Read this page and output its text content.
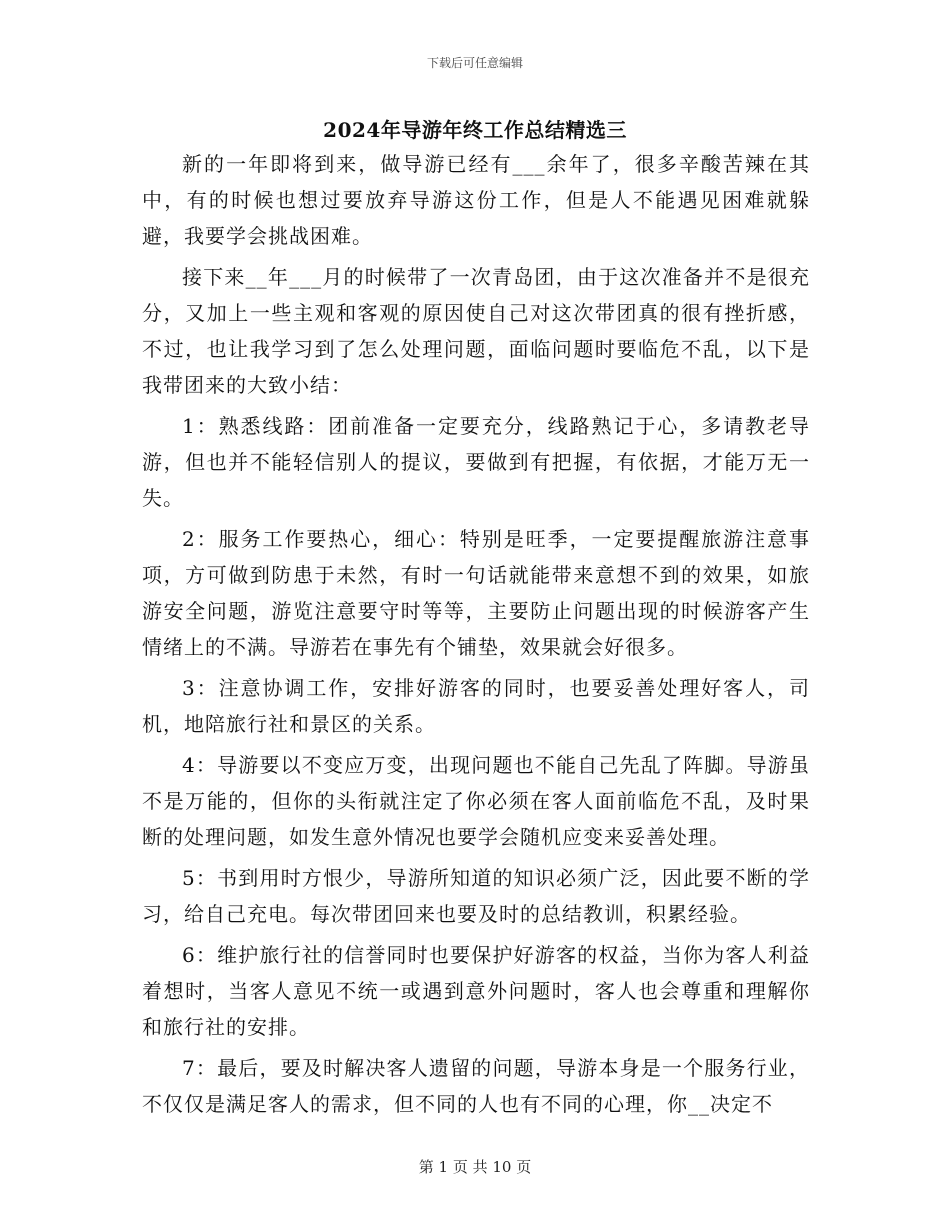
下载后可任意编辑
2024年导游年终工作总结精选三

新的一年即将到来，做导游已经有___余年了，很多辛酸苦辣在其中，有的时候也想过要放弃导游这份工作，但是人不能遇见困难就躲避，我要学会挑战困难。

接下来__年___月的时候带了一次青岛团，由于这次准备并不是很充分，又加上一些主观和客观的原因使自己对这次带团真的很有挫折感，不过，也让我学习到了怎么处理问题，面临问题时要临危不乱，以下是我带团来的大致小结：

1：熟悉线路：团前准备一定要充分，线路熟记于心，多请教老导游，但也并不能轻信别人的提议，要做到有把握，有依据，才能万无一失。

2：服务工作要热心，细心：特别是旺季，一定要提醒旅游注意事项，方可做到防患于未然，有时一句话就能带来意想不到的效果，如旅游安全问题，游览注意要守时等等，主要防止问题出现的时候游客产生情绪上的不满。导游若在事先有个铺垫，效果就会好很多。

3：注意协调工作，安排好游客的同时，也要妥善处理好客人，司机，地陪旅行社和景区的关系。

4：导游要以不变应万变，出现问题也不能自己先乱了阵脚。导游虽不是万能的，但你的头衔就注定了你必须在客人面前临危不乱，及时果断的处理问题，如发生意外情况也要学会随机应变来妥善处理。

5：书到用时方恨少，导游所知道的知识必须广泛，因此要不断的学习，给自己充电。每次带团回来也要及时的总结教训，积累经验。

6：维护旅行社的信誉同时也要保护好游客的权益，当你为客人利益着想时，当客人意见不统一或遇到意外问题时，客人也会尊重和理解你和旅行社的安排。

7：最后，要及时解决客人遗留的问题，导游本身是一个服务行业，不仅仅是满足客人的需求，但不同的人也有不同的心理，你__决定不

第 1 页 共 10 页
